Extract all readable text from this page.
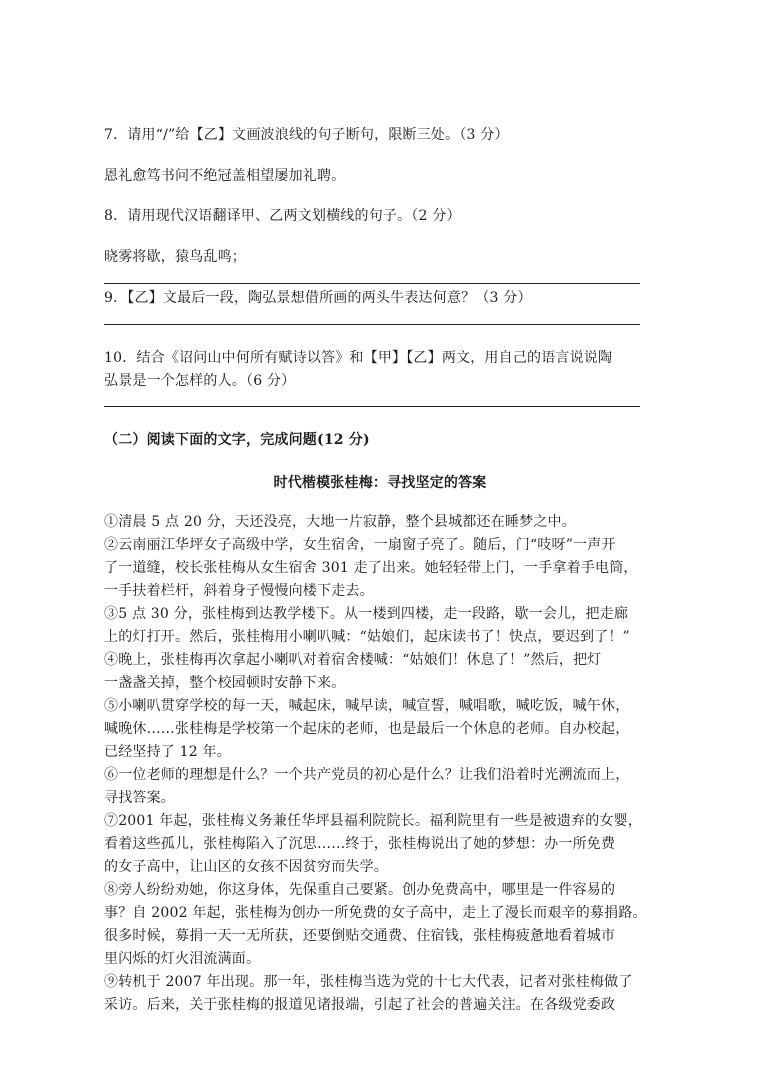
7．请用“/”给【乙】文画波浪线的句子断句，限断三处。（3 分）
恩礼愈笃书问不绝冠盖相望屡加礼聘。
8．请用现代汉语翻译甲、乙两文划横线的句子。（2 分）
晓雾将歇，猿鸟乱鸣；
9．【乙】文最后一段，陶弘景想借所画的两头牛表达何意？（3 分）
10．结合《诏问山中何所有赋诗以答》和【甲】【乙】两文，用自己的语言说说陶
弘景是一个怎样的人。（6 分）
（二）阅读下面的文字，完成问题(12 分)
时代楷模张桂梅：寻找坚定的答案
①清晨 5 点 20 分，天还没亮，大地一片寂静，整个县城都还在睡梦之中。
②云南丽江华坪女子高级中学，女生宿舍，一扇窗子亮了。随后，门“吱呀”一声开
了一道缝，校长张桂梅从女生宿舍 301 走了出来。她轻轻带上门，一手拿着手电筒，
一手扶着栏杆，斜着身子慢慢向楼下走去。
③5 点 30 分，张桂梅到达教学楼下。从一楼到四楼，走一段路，歇一会儿，把走廊
上的灯打开。然后，张桂梅用小喇叭喊：“姑娘们，起床读书了！快点，要迟到了！”
④晚上，张桂梅再次拿起小喇叭对着宿舍楼喊：“姑娘们！休息了！”然后，把灯
一盏盏关掉，整个校园顿时安静下来。
⑤小喇叭贯穿学校的每一天，喊起床，喊早读，喊宣誓，喊唱歌，喊吃饭，喊午休，
喊晚休……张桂梅是学校第一个起床的老师，也是最后一个休息的老师。自办校起，
已经坚持了 12 年。
⑥一位老师的理想是什么？一个共产党员的初心是什么？让我们沿着时光溯流而上，
寻找答案。
⑦2001 年起，张桂梅义务兼任华坪县福利院院长。福利院里有一些是被遗弃的女婴，
看着这些孤儿，张桂梅陷入了沉思……终于，张桂梅说出了她的梦想：办一所免费
的女子高中，让山区的女孩不因贫穷而失学。
⑧旁人纷纷劝她，你这身体，先保重自己要紧。创办免费高中，哪里是一件容易的
事？自 2002 年起，张桂梅为创办一所免费的女子高中，走上了漫长而艰辛的募捐路。
很多时候，募捐一天一无所获，还要倒贴交通费、住宿钱，张桂梅疲惫地看着城市
里闪烁的灯火泪流满面。
⑨转机于 2007 年出现。那一年，张桂梅当选为党的十七大代表，记者对张桂梅做了
采访。后来，关于张桂梅的报道见诸报端，引起了社会的普遍关注。在各级党委政
